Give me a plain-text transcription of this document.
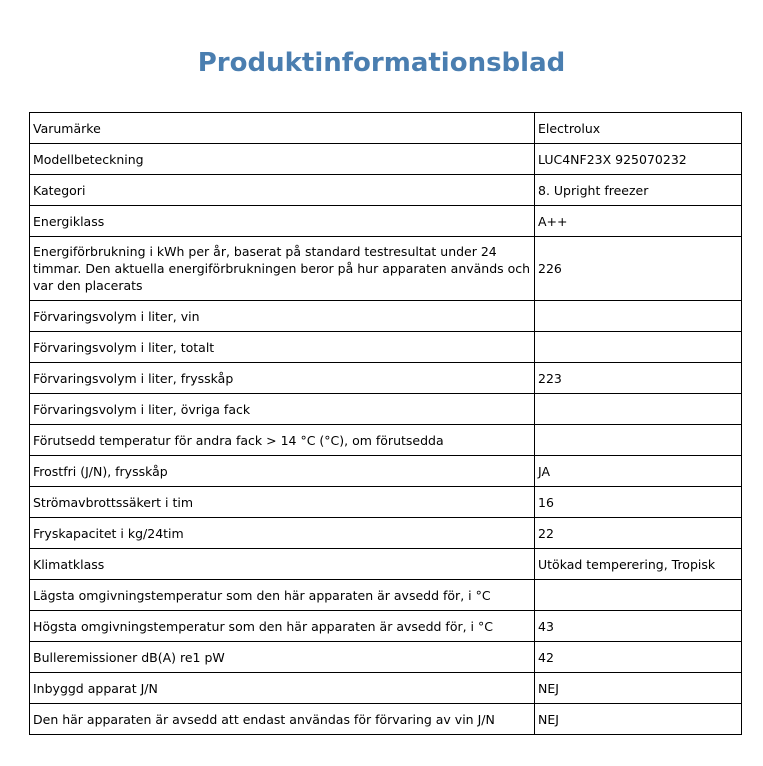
Produktinformationsblad
Varumärke	Electrolux
Modellbeteckning	LUC4NF23X 925070232
Kategori	8. Upright freezer
Energiklass	A++
Energiförbrukning i kWh per år, baserat på standard testresultat under 24 timmar. Den aktuella energiförbrukningen beror på hur apparaten används och var den placerats	226
Förvaringsvolym i liter, vin	
Förvaringsvolym i liter, totalt	
Förvaringsvolym i liter, frysskåp	223
Förvaringsvolym i liter, övriga fack	
Förutsedd temperatur för andra fack > 14 °C (°C), om förutsedda	
Frostfri (J/N), frysskåp	JA
Strömavbrottssäkert i tim	16
Fryskapacitet i kg/24tim	22
Klimatklass	Utökad temperering, Tropisk
Lägsta omgivningstemperatur som den här apparaten är avsedd för, i °C	
Högsta omgivningstemperatur som den här apparaten är avsedd för, i °C	43
Bulleremissioner dB(A) re1 pW	42
Inbyggd apparat J/N	NEJ
Den här apparaten är avsedd att endast användas för förvaring av vin J/N	NEJ
